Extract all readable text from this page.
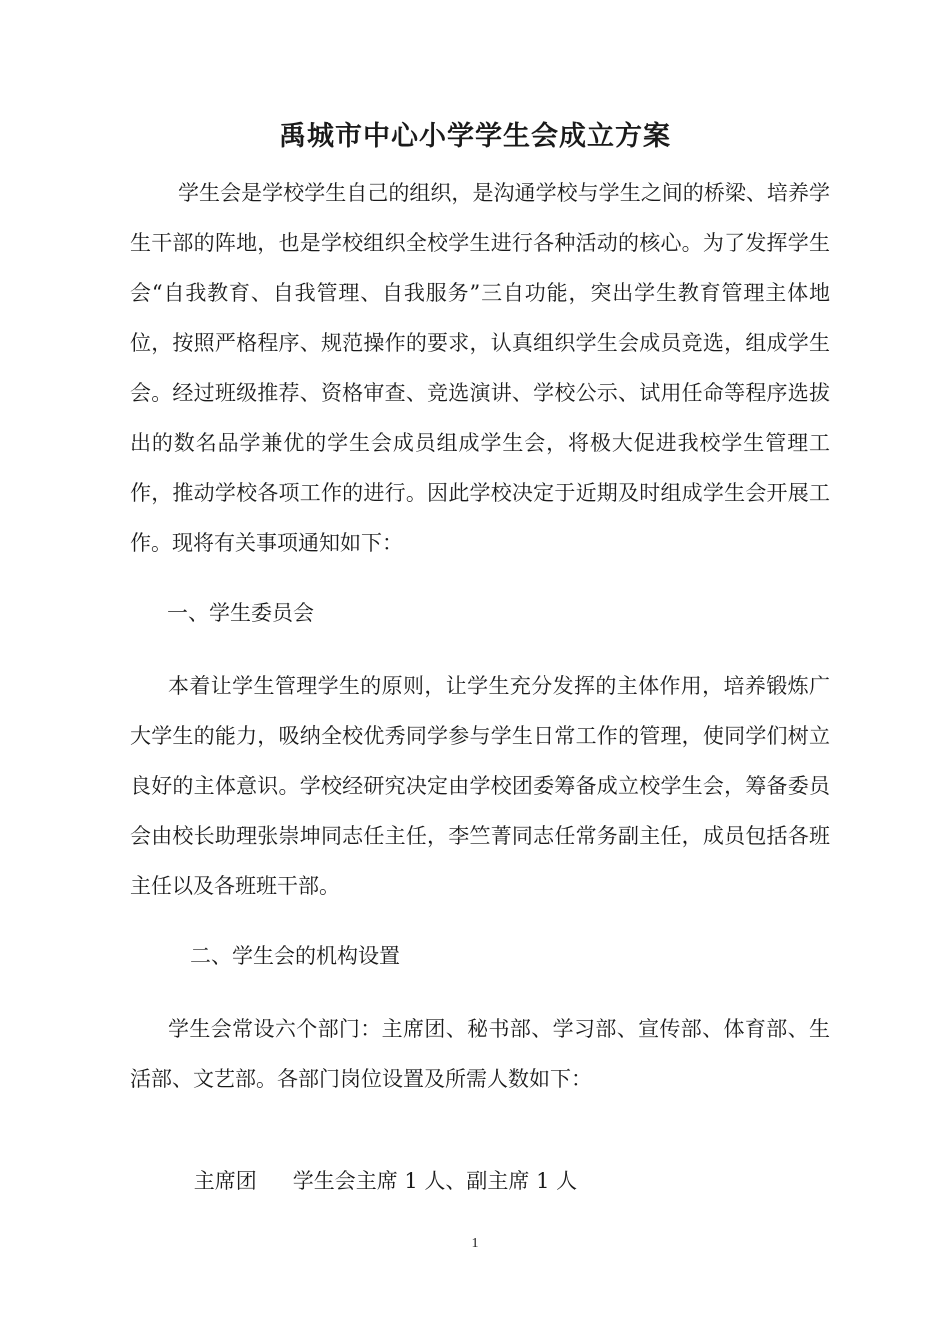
禹城市中心小学学生会成立方案

学生会是学校学生自己的组织，是沟通学校与学生之间的桥梁、培养学生干部的阵地，也是学校组织全校学生进行各种活动的核心。为了发挥学生会“自我教育、自我管理、自我服务”三自功能，突出学生教育管理主体地位，按照严格程序、规范操作的要求，认真组织学生会成员竞选，组成学生会。经过班级推荐、资格审查、竞选演讲、学校公示、试用任命等程序选拔出的数名品学兼优的学生会成员组成学生会，将极大促进我校学生管理工作，推动学校各项工作的进行。因此学校决定于近期及时组成学生会开展工作。现将有关事项通知如下：

一、学生委员会

本着让学生管理学生的原则，让学生充分发挥的主体作用，培养锻炼广大学生的能力，吸纳全校优秀同学参与学生日常工作的管理，使同学们树立良好的主体意识。学校经研究决定由学校团委筹备成立校学生会，筹备委员会由校长助理张崇坤同志任主任，李竺菁同志任常务副主任，成员包括各班主任以及各班班干部。

二、学生会的机构设置

学生会常设六个部门：主席团、秘书部、学习部、宣传部、体育部、生活部、文艺部。各部门岗位设置及所需人数如下：

主席团 学生会主席 1 人、副主席 1 人

1
